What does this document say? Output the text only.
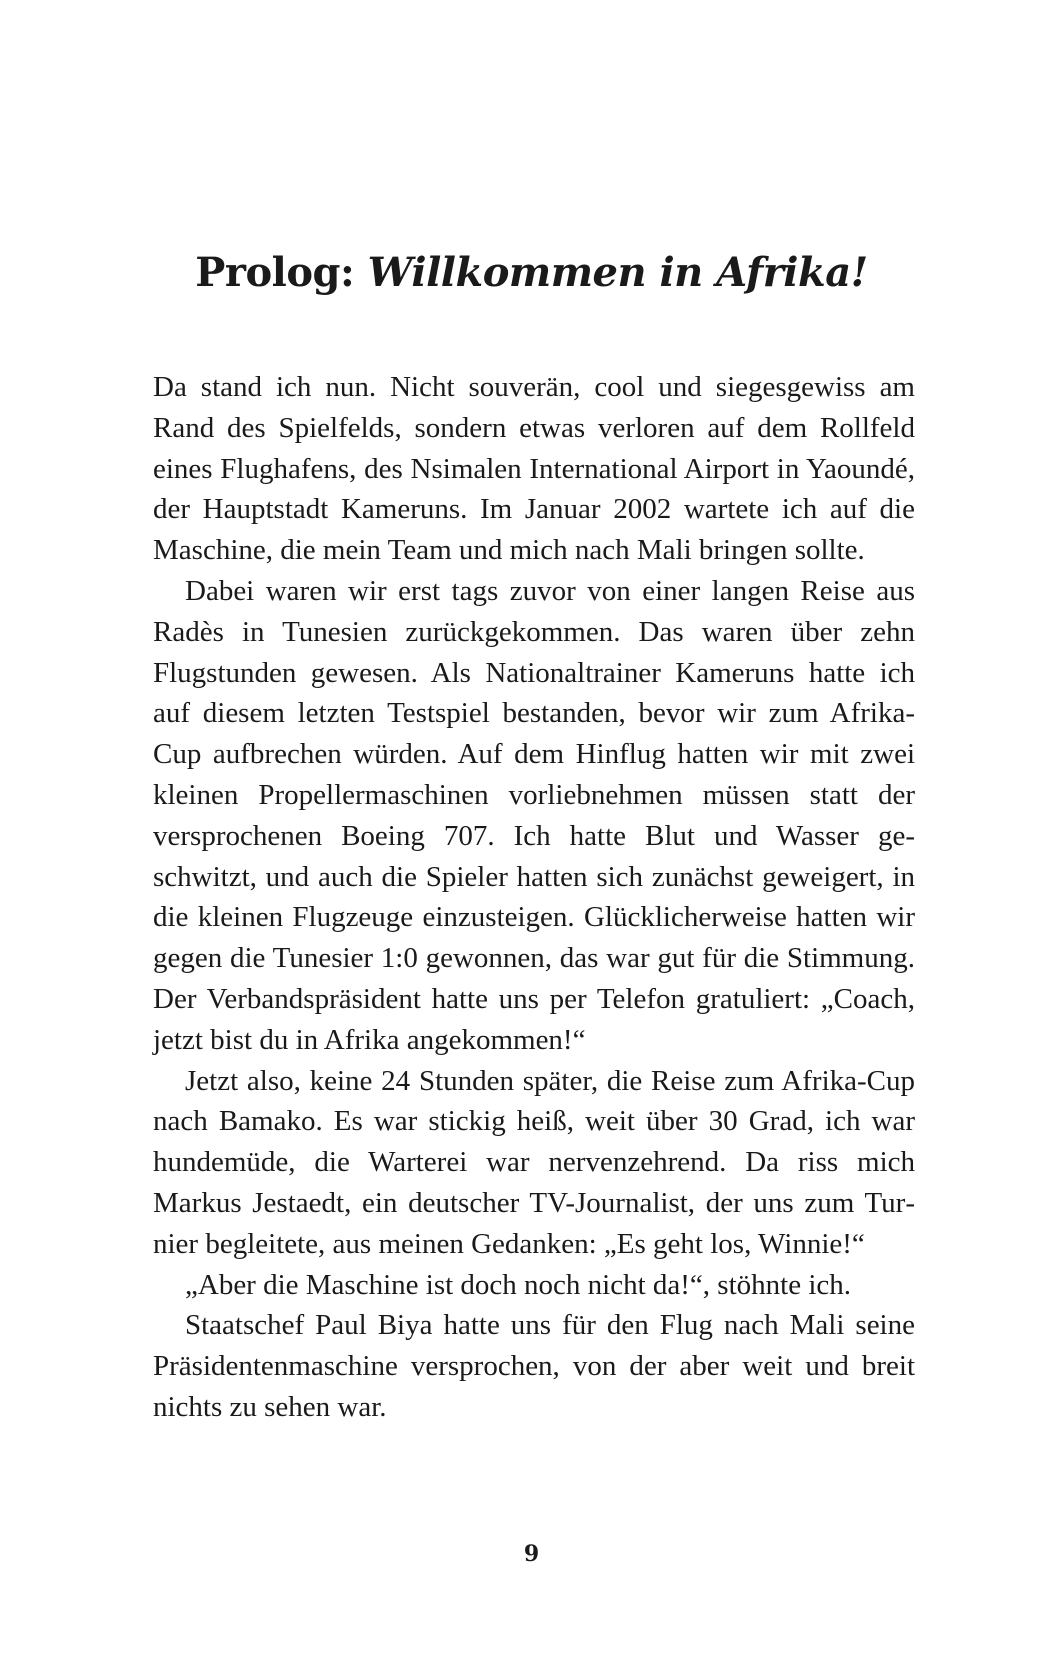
Prolog: Willkommen in Afrika!

Da stand ich nun. Nicht souverän, cool und siegesgewiss am Rand des Spielfelds, sondern etwas verloren auf dem Rollfeld eines Flughafens, des Nsimalen International Airport in Yaoundé, der Hauptstadt Kameruns. Im Januar 2002 wartete ich auf die Maschine, die mein Team und mich nach Mali bringen sollte.

Dabei waren wir erst tags zuvor von einer langen Reise aus Radès in Tunesien zurückgekommen. Das waren über zehn Flugstunden gewesen. Als Nationaltrainer Kameruns hatte ich auf diesem letzten Testspiel bestanden, bevor wir zum Afrika-Cup aufbrechen würden. Auf dem Hinflug hatten wir mit zwei kleinen Propellermaschinen vorliebnehmen müssen statt der versprochenen Boeing 707. Ich hatte Blut und Wasser geschwitzt, und auch die Spieler hatten sich zunächst geweigert, in die kleinen Flugzeuge einzusteigen. Glücklicherweise hatten wir gegen die Tunesier 1:0 gewonnen, das war gut für die Stimmung. Der Verbandspräsident hatte uns per Telefon gratuliert: „Coach, jetzt bist du in Afrika angekommen!“

Jetzt also, keine 24 Stunden später, die Reise zum Afrika-Cup nach Bamako. Es war stickig heiß, weit über 30 Grad, ich war hundemüde, die Warterei war nervenzehrend. Da riss mich Markus Jestaedt, ein deutscher TV-Journalist, der uns zum Turnier begleitete, aus meinen Gedanken: „Es geht los, Winnie!“

„Aber die Maschine ist doch noch nicht da!“, stöhnte ich.

Staatschef Paul Biya hatte uns für den Flug nach Mali seine Präsidentenmaschine versprochen, von der aber weit und breit nichts zu sehen war.

9
